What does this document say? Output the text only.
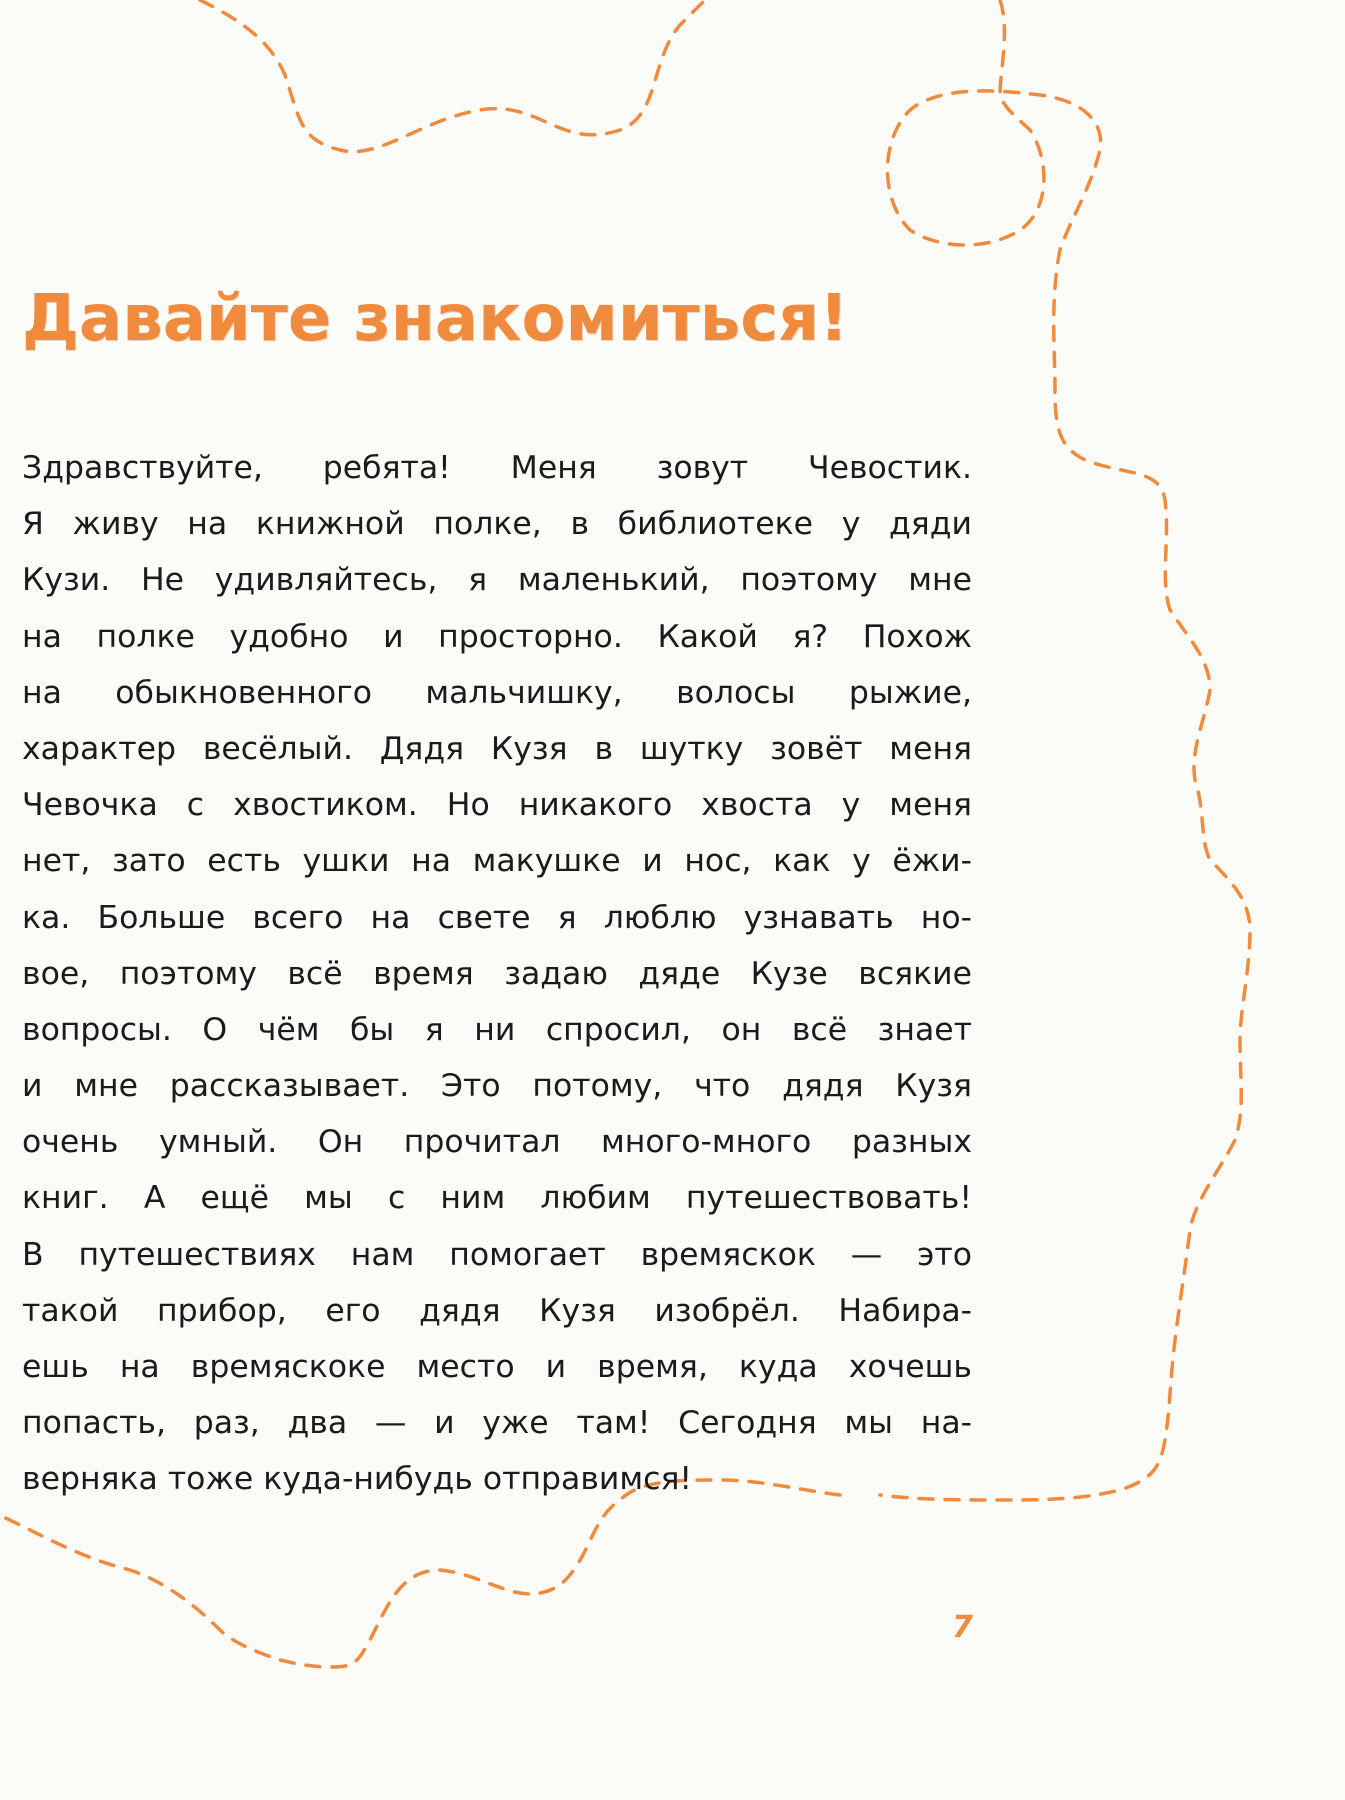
Давайте знакомиться!
Здравствуйте, ребята! Меня зовут Чевостик.
Я живу на книжной полке, в библиотеке у дяди
Кузи. Не удивляйтесь, я маленький, поэтому мне
на полке удобно и просторно. Какой я? Похож
на обыкновенного мальчишку, волосы рыжие,
характер весёлый. Дядя Кузя в шутку зовёт меня
Чевочка с хвостиком. Но никакого хвоста у меня
нет, зато есть ушки на макушке и нос, как у ёжи-
ка. Больше всего на свете я люблю узнавать но-
вое, поэтому всё время задаю дяде Кузе всякие
вопросы. О чём бы я ни спросил, он всё знает
и мне рассказывает. Это потому, что дядя Кузя
очень умный. Он прочитал много-много разных
книг. А ещё мы с ним любим путешествовать!
В путешествиях нам помогает времяскок — это
такой прибор, его дядя Кузя изобрёл. Набира-
ешь на времяскоке место и время, куда хочешь
попасть, раз, два — и уже там! Сегодня мы на-
верняка тоже куда-нибудь отправимся!
7
